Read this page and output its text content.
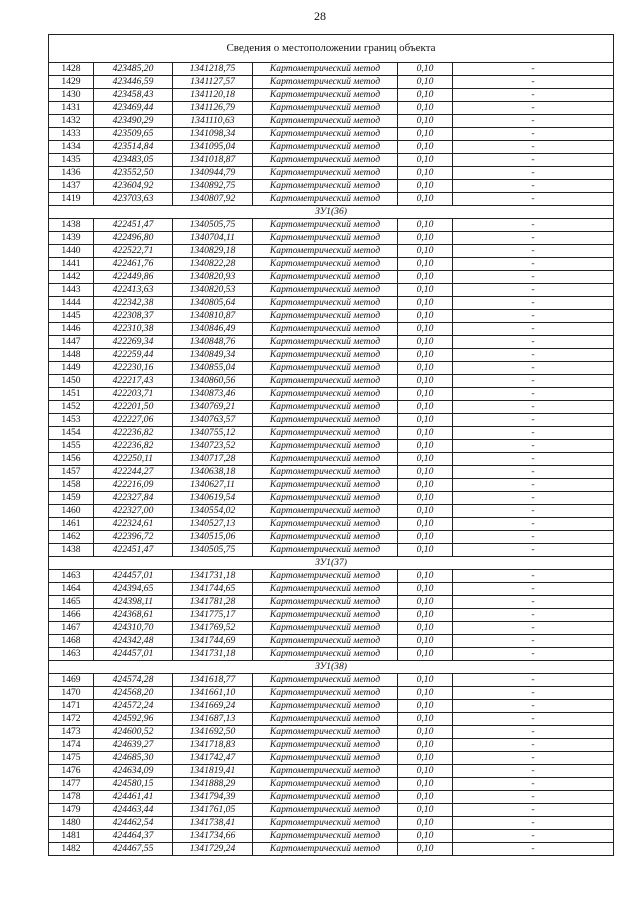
28
Сведения о местоположении границ объекта					
1428	423485,20	1341218,75	Картометрический метод	0,10	-
1429	423446,59	1341127,57	Картометрический метод	0,10	-
1430	423458,43	1341120,18	Картометрический метод	0,10	-
1431	423469,44	1341126,79	Картометрический метод	0,10	-
1432	423490,29	1341110,63	Картометрический метод	0,10	-
1433	423509,65	1341098,34	Картометрический метод	0,10	-
1434	423514,84	1341095,04	Картометрический метод	0,10	-
1435	423483,05	1341018,87	Картометрический метод	0,10	-
1436	423552,50	1340944,79	Картометрический метод	0,10	-
1437	423604,92	1340892,75	Картометрический метод	0,10	-
1419	423703,63	1340807,92	Картометрический метод	0,10	-
ЗУ1(36)					
1438	422451,47	1340505,75	Картометрический метод	0,10	-
1439	422496,80	1340704,11	Картометрический метод	0,10	-
1440	422522,71	1340829,18	Картометрический метод	0,10	-
1441	422461,76	1340822,28	Картометрический метод	0,10	-
1442	422449,86	1340820,93	Картометрический метод	0,10	-
1443	422413,63	1340820,53	Картометрический метод	0,10	-
1444	422342,38	1340805,64	Картометрический метод	0,10	-
1445	422308,37	1340810,87	Картометрический метод	0,10	-
1446	422310,38	1340846,49	Картометрический метод	0,10	-
1447	422269,34	1340848,76	Картометрический метод	0,10	-
1448	422259,44	1340849,34	Картометрический метод	0,10	-
1449	422230,16	1340855,04	Картометрический метод	0,10	-
1450	422217,43	1340860,56	Картометрический метод	0,10	-
1451	422203,71	1340873,46	Картометрический метод	0,10	-
1452	422201,50	1340769,21	Картометрический метод	0,10	-
1453	422227,06	1340763,57	Картометрический метод	0,10	-
1454	422236,82	1340755,12	Картометрический метод	0,10	-
1455	422236,82	1340723,52	Картометрический метод	0,10	-
1456	422250,11	1340717,28	Картометрический метод	0,10	-
1457	422244,27	1340638,18	Картометрический метод	0,10	-
1458	422216,09	1340627,11	Картометрический метод	0,10	-
1459	422327,84	1340619,54	Картометрический метод	0,10	-
1460	422327,00	1340554,02	Картометрический метод	0,10	-
1461	422324,61	1340527,13	Картометрический метод	0,10	-
1462	422396,72	1340515,06	Картометрический метод	0,10	-
1438	422451,47	1340505,75	Картометрический метод	0,10	-
ЗУ1(37)					
1463	424457,01	1341731,18	Картометрический метод	0,10	-
1464	424394,65	1341744,65	Картометрический метод	0,10	-
1465	424398,11	1341781,28	Картометрический метод	0,10	-
1466	424368,61	1341775,17	Картометрический метод	0,10	-
1467	424310,70	1341769,52	Картометрический метод	0,10	-
1468	424342,48	1341744,69	Картометрический метод	0,10	-
1463	424457,01	1341731,18	Картометрический метод	0,10	-
ЗУ1(38)					
1469	424574,28	1341618,77	Картометрический метод	0,10	-
1470	424568,20	1341661,10	Картометрический метод	0,10	-
1471	424572,24	1341669,24	Картометрический метод	0,10	-
1472	424592,96	1341687,13	Картометрический метод	0,10	-
1473	424600,52	1341692,50	Картометрический метод	0,10	-
1474	424639,27	1341718,83	Картометрический метод	0,10	-
1475	424685,30	1341742,47	Картометрический метод	0,10	-
1476	424634,09	1341819,41	Картометрический метод	0,10	-
1477	424580,15	1341888,29	Картометрический метод	0,10	-
1478	424461,41	1341794,39	Картометрический метод	0,10	-
1479	424463,44	1341761,05	Картометрический метод	0,10	-
1480	424462,54	1341738,41	Картометрический метод	0,10	-
1481	424464,37	1341734,66	Картометрический метод	0,10	-
1482	424467,55	1341729,24	Картометрический метод	0,10	-
